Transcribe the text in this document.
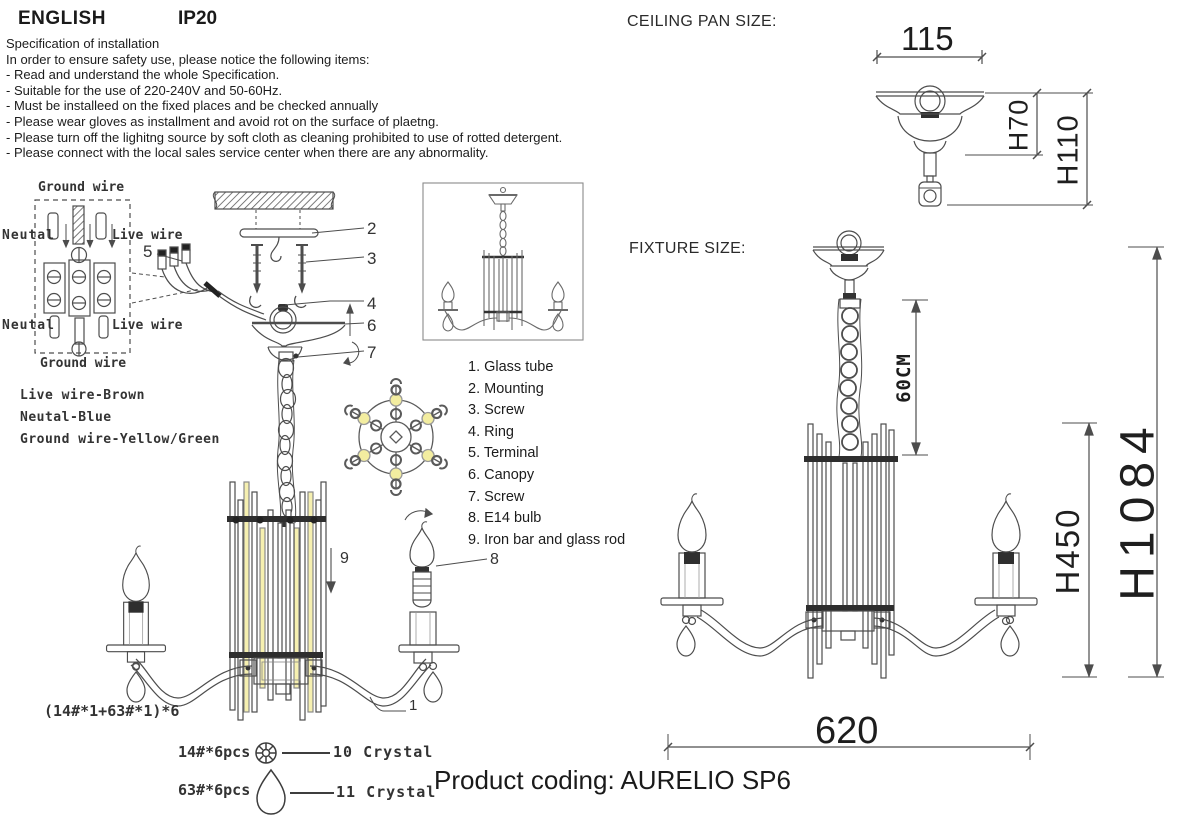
ENGLISH	IP20
Specification of installation
In order to ensure safety use, please notice the following items:
- Read and understand the whole Specification.
- Suitable for the use of 220-240V and 50-60Hz.
- Must be installeed on the fixed places and be checked annually
- Please wear gloves as installment and avoid rot on the surface of plaetng.
- Please turn off the lighitng source by soft cloth as cleaning prohibited to use of rotted detergent.
- Please connect with the local sales service center when there are any abnormality.
Ground wire
Neutal	Live wire
Neutal	Live wire
Ground wire
Live wire-Brown
Neutal-Blue
Ground wire-Yellow/Green
5
2
3
4
6
7
9	8
1
1. Glass tube
2. Mounting
3. Screw
4. Ring
5. Terminal
6. Canopy
7. Screw
8. E14 bulb
9. Iron bar and glass rod
CEILING PAN SIZE:
FIXTURE SIZE:
115
H70 H110
60CM
H450 H1084
620
(14#*1+63#*1)*6
14#*6pcs	10 Crystal
63#*6pcs	11 Crystal
Product coding: AURELIO SP6
